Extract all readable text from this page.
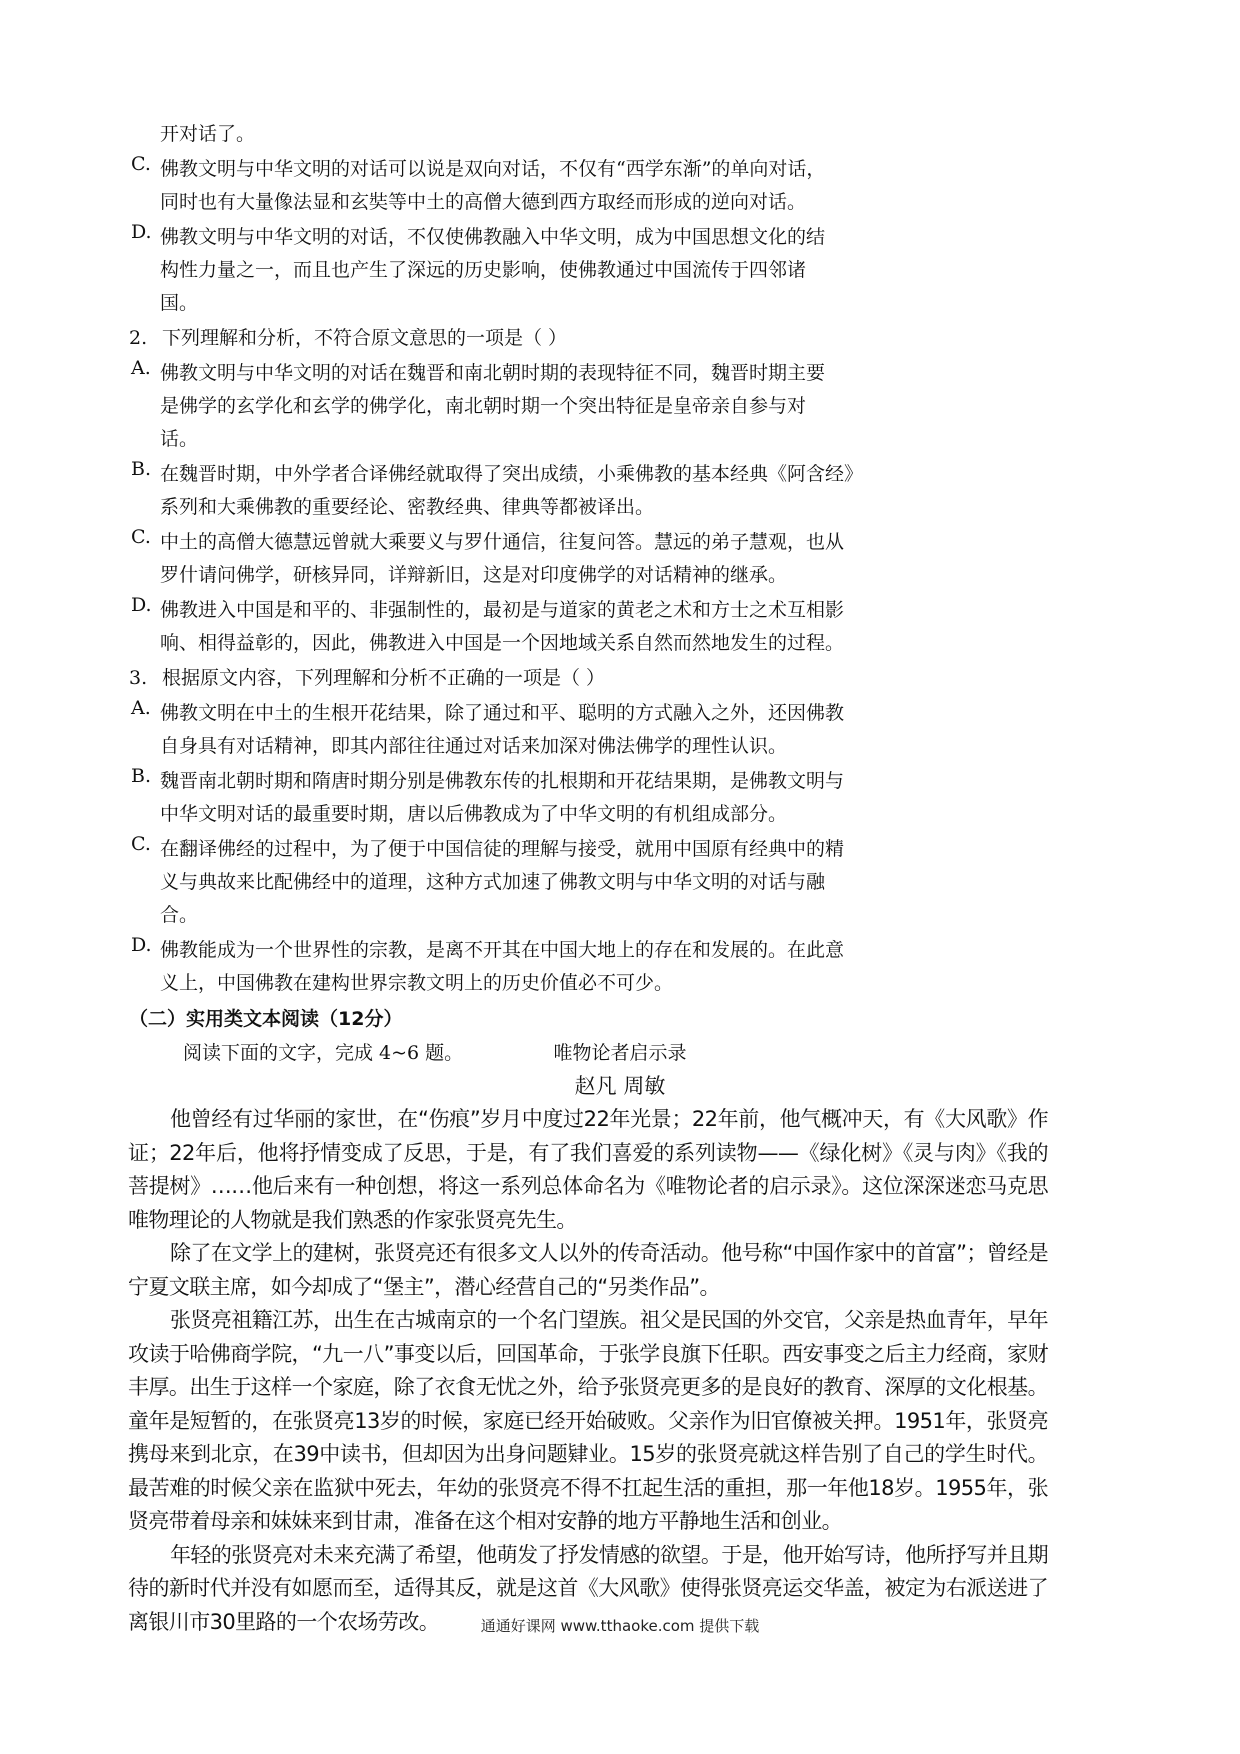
开对话了。
C. 佛教文明与中华文明的对话可以说是双向对话，不仅有“西学东渐”的单向对话，
同时也有大量像法显和玄奘等中土的高僧大德到西方取经而形成的逆向对话。
D. 佛教文明与中华文明的对话，不仅使佛教融入中华文明，成为中国思想文化的结
构性力量之一，而且也产生了深远的历史影响，使佛教通过中国流传于四邻诸
国。
2. 下列理解和分析，不符合原文意思的一项是（ ）
A. 佛教文明与中华文明的对话在魏晋和南北朝时期的表现特征不同，魏晋时期主要
是佛学的玄学化和玄学的佛学化，南北朝时期一个突出特征是皇帝亲自参与对
话。
B. 在魏晋时期，中外学者合译佛经就取得了突出成绩，小乘佛教的基本经典《阿含经》
系列和大乘佛教的重要经论、密教经典、律典等都被译出。
C. 中土的高僧大德慧远曾就大乘要义与罗什通信，往复问答。慧远的弟子慧观，也从
罗什请问佛学，研核异同，详辩新旧，这是对印度佛学的对话精神的继承。
D. 佛教进入中国是和平的、非强制性的，最初是与道家的黄老之术和方士之术互相影
响、相得益彰的，因此，佛教进入中国是一个因地域关系自然而然地发生的过程。
3. 根据原文内容，下列理解和分析不正确的一项是（ ）
A. 佛教文明在中土的生根开花结果，除了通过和平、聪明的方式融入之外，还因佛教
自身具有对话精神，即其内部往往通过对话来加深对佛法佛学的理性认识。
B. 魏晋南北朝时期和隋唐时期分别是佛教东传的扎根期和开花结果期，是佛教文明与
中华文明对话的最重要时期，唐以后佛教成为了中华文明的有机组成部分。
C. 在翻译佛经的过程中，为了便于中国信徒的理解与接受，就用中国原有经典中的精
义与典故来比配佛经中的道理，这种方式加速了佛教文明与中华文明的对话与融
合。
D. 佛教能成为一个世界性的宗教，是离不开其在中国大地上的存在和发展的。在此意
义上，中国佛教在建构世界宗教文明上的历史价值必不可少。
（二）实用类文本阅读（12分）
阅读下面的文字，完成 4~6 题。	唯物论者启示录
赵凡 周敏

他曾经有过华丽的家世，在“伤痕”岁月中度过22年光景；22年前，他气概冲天，有《大风歌》作证；22年后，他将抒情变成了反思，于是，有了我们喜爱的系列读物——《绿化树》《灵与肉》《我的菩提树》……他后来有一种创想，将这一系列总体命名为《唯物论者的启示录》。这位深深迷恋马克思唯物理论的人物就是我们熟悉的作家张贤亮先生。

除了在文学上的建树，张贤亮还有很多文人以外的传奇活动。他号称“中国作家中的首富”；曾经是宁夏文联主席，如今却成了“堡主”，潜心经营自己的“另类作品”。

张贤亮祖籍江苏，出生在古城南京的一个名门望族。祖父是民国的外交官，父亲是热血青年，早年攻读于哈佛商学院，“九一八”事变以后，回国革命，于张学良旗下任职。西安事变之后主力经商，家财丰厚。出生于这样一个家庭，除了衣食无忧之外，给予张贤亮更多的是良好的教育、深厚的文化根基。童年是短暂的，在张贤亮13岁的时候，家庭已经开始破败。父亲作为旧官僚被关押。1951年，张贤亮携母来到北京，在39中读书，但却因为出身问题肄业。15岁的张贤亮就这样告别了自己的学生时代。最苦难的时候父亲在监狱中死去，年幼的张贤亮不得不扛起生活的重担，那一年他18岁。1955年，张贤亮带着母亲和妹妹来到甘肃，准备在这个相对安静的地方平静地生活和创业。

年轻的张贤亮对未来充满了希望，他萌发了抒发情感的欲望。于是，他开始写诗，他所抒写并且期待的新时代并没有如愿而至，适得其反，就是这首《大风歌》使得张贤亮运交华盖，被定为右派送进了离银川市30里路的一个农场劳改。	通通好课网 www.tthaoke.com 提供下载
